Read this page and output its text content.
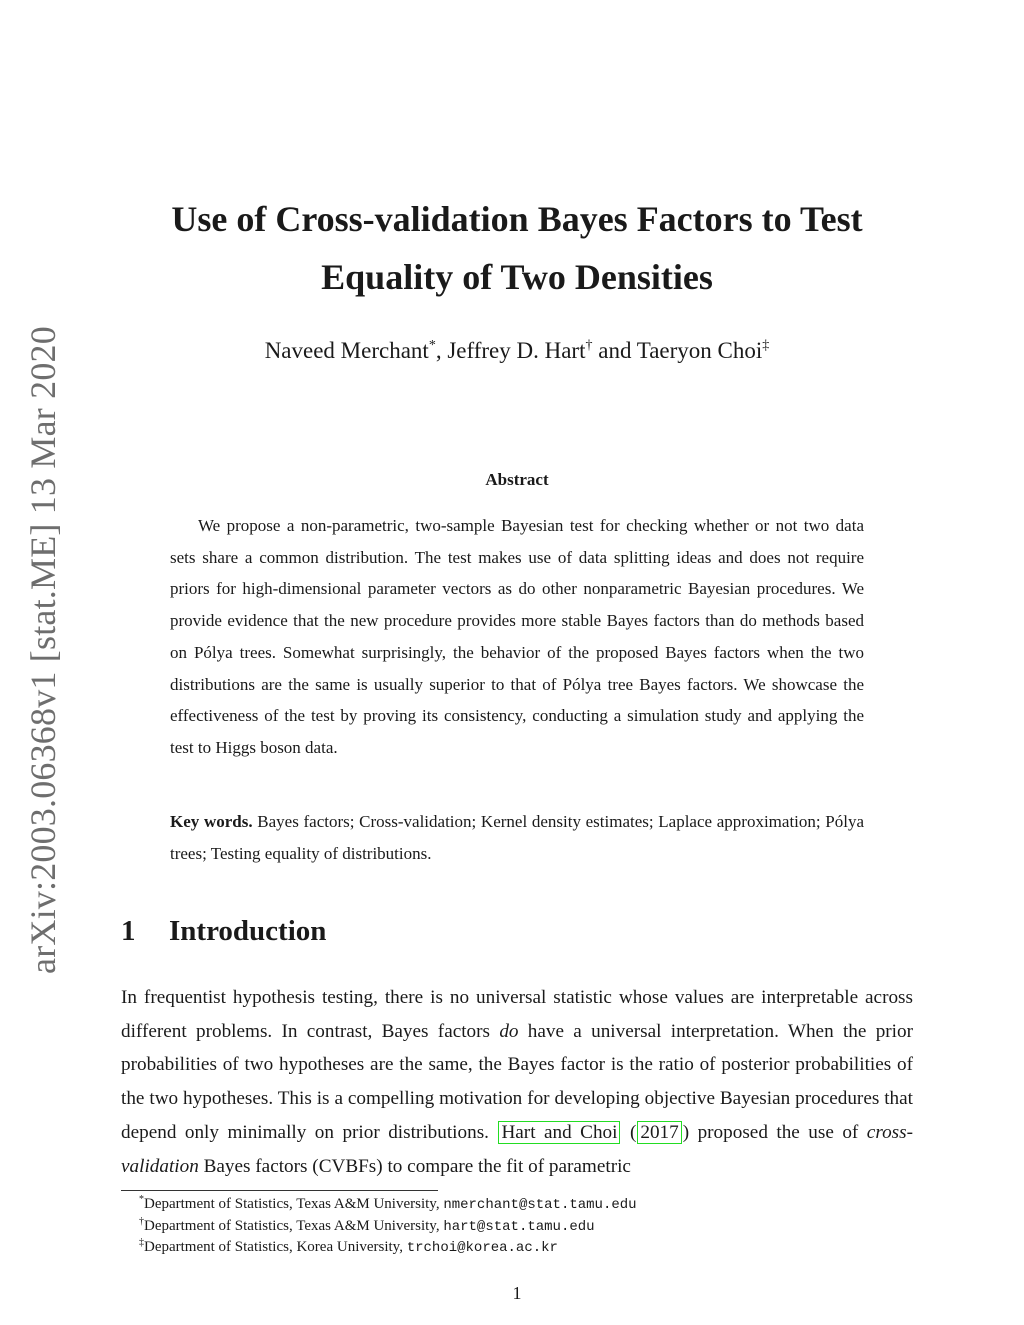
arXiv:2003.06368v1 [stat.ME] 13 Mar 2020
Use of Cross-validation Bayes Factors to Test
Equality of Two Densities
Naveed Merchant*, Jeffrey D. Hart† and Taeryon Choi‡
Abstract

We propose a non-parametric, two-sample Bayesian test for checking whether or not two data sets share a common distribution. The test makes use of data splitting ideas and does not require priors for high-dimensional parameter vectors as do other nonparametric Bayesian procedures. We provide evidence that the new procedure provides more stable Bayes factors than do methods based on Pólya trees. Somewhat surprisingly, the behavior of the proposed Bayes factors when the two distributions are the same is usually superior to that of Pólya tree Bayes factors. We showcase the effectiveness of the test by proving its consistency, conducting a simulation study and applying the test to Higgs boson data.

Key words. Bayes factors; Cross-validation; Kernel density estimates; Laplace approximation; Pólya trees; Testing equality of distributions.

1 Introduction

In frequentist hypothesis testing, there is no universal statistic whose values are interpretable across different problems. In contrast, Bayes factors do have a universal interpretation. When the prior probabilities of two hypotheses are the same, the Bayes factor is the ratio of posterior probabilities of the two hypotheses. This is a compelling motivation for developing objective Bayesian procedures that depend only minimally on prior distributions. Hart and Choi ( 2017 ) proposed the use of cross-validation Bayes factors (CVBFs) to compare the fit of parametric

*Department of Statistics, Texas A&M University, nmerchant@stat.tamu.edu
†Department of Statistics, Texas A&M University, hart@stat.tamu.edu
‡Department of Statistics, Korea University, trchoi@korea.ac.kr
1
